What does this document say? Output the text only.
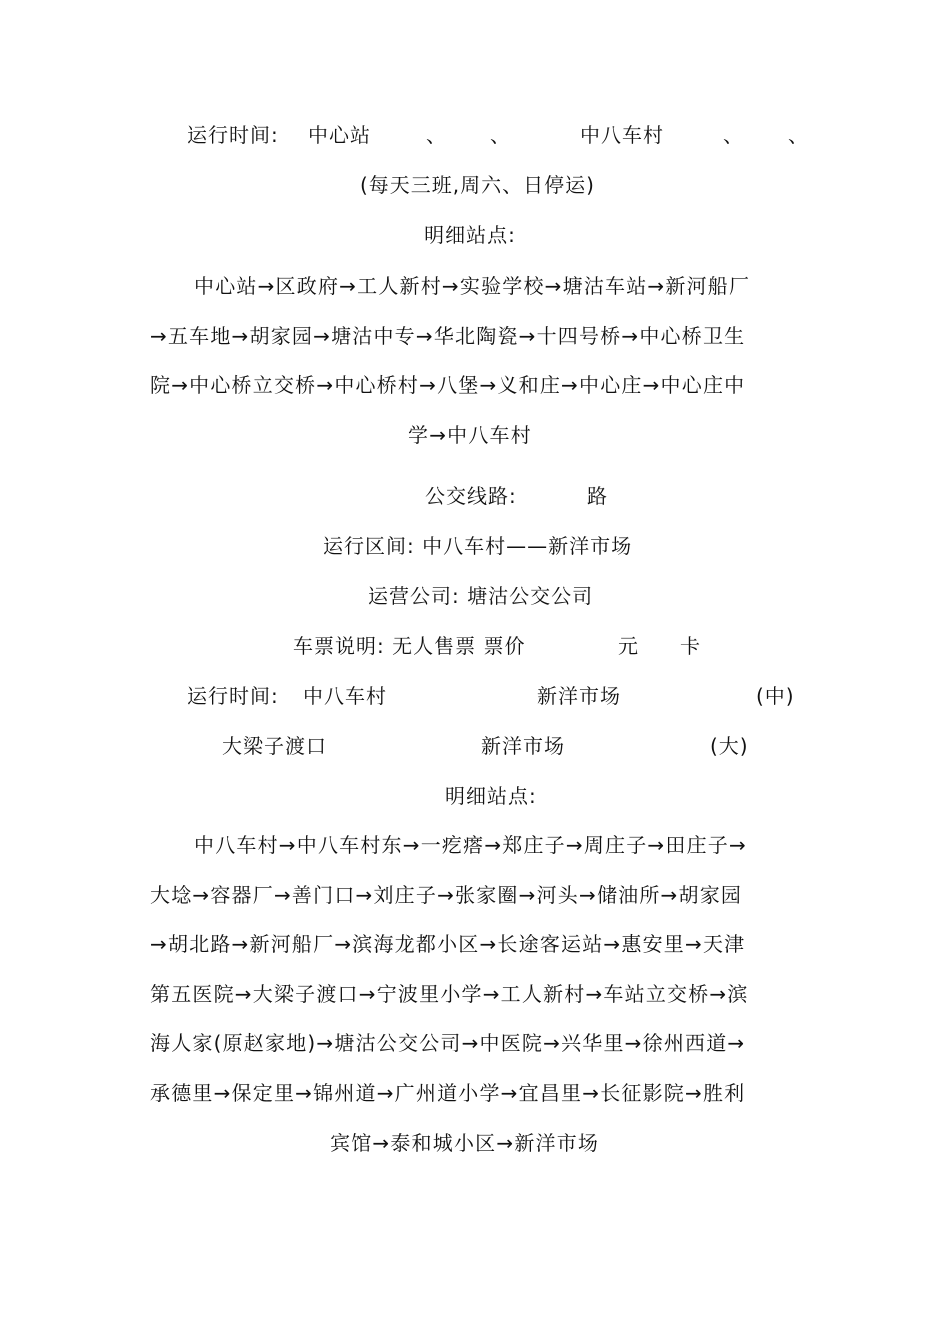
运行时间: 中心站	、 、	中八车村	、 、
(每天三班,周六、日停运)
明细站点:
中心站→区政府→工人新村→实验学校→塘沽车站→新河船厂
→五车地→胡家园→塘沽中专→华北陶瓷→十四号桥→中心桥卫生
院→中心桥立交桥→中心桥村→八堡→义和庄→中心庄→中心庄中
学→中八车村
公交线路:	路
运行区间: 中八车村——新洋市场
运营公司: 塘沽公交公司
车票说明: 无人售票 票价	元 卡
运行时间: 中八车村	新洋市场	(中)
大梁子渡口	新洋市场	(大)
明细站点:
中八车村→中八车村东→一疙瘩→郑庄子→周庄子→田庄子→
大埝→容器厂→善门口→刘庄子→张家圈→河头→储油所→胡家园
→胡北路→新河船厂→滨海龙都小区→长途客运站→惠安里→天津
第五医院→大梁子渡口→宁波里小学→工人新村→车站立交桥→滨
海人家(原赵家地)→塘沽公交公司→中医院→兴华里→徐州西道→
承德里→保定里→锦州道→广州道小学→宜昌里→长征影院→胜利
宾馆→泰和城小区→新洋市场
